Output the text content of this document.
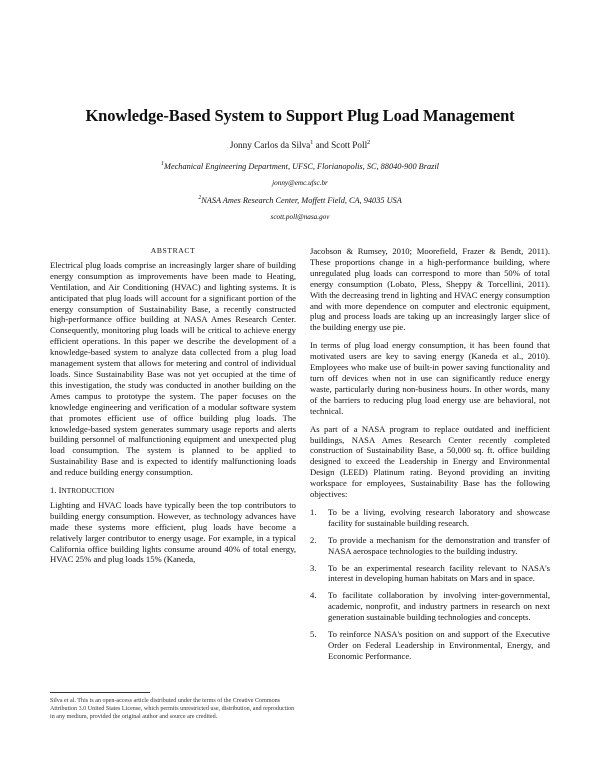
Knowledge-Based System to Support Plug Load Management
Jonny Carlos da Silva$^1$ and Scott Poll$^2$
$^1$Mechanical Engineering Department, UFSC, Florianopolis, SC, 88040-900 Brazil
jonny@emc.ufsc.br
$^2$NASA Ames Research Center, Moffett Field, CA, 94035 USA
scott.poll@nasa.gov
ABSTRACT

Electrical plug loads comprise an increasingly larger share of building energy consumption as improvements have been made to Heating, Ventilation, and Air Conditioning (HVAC) and lighting systems. It is anticipated that plug loads will account for a significant portion of the energy consumption of Sustainability Base, a recently constructed high-performance office building at NASA Ames Research Center. Consequently, monitoring plug loads will be critical to achieve energy efficient operations. In this paper we describe the development of a knowledge-based system to analyze data collected from a plug load management system that allows for metering and control of individual loads. Since Sustainability Base was not yet occupied at the time of this investigation, the study was conducted in another building on the Ames campus to prototype the system. The paper focuses on the knowledge engineering and verification of a modular software system that promotes efficient use of office building plug loads. The knowledge-based system generates summary usage reports and alerts building personnel of malfunctioning equipment and unexpected plug load consumption. The system is planned to be applied to Sustainability Base and is expected to identify malfunctioning loads and reduce building energy consumption.

1. INTRODUCTION

Lighting and HVAC loads have typically been the top contributors to building energy consumption. However, as technology advances have made these systems more efficient, plug loads have become a relatively larger contributor to energy usage. For example, in a typical California office building lights consume around 40% of total energy, HVAC 25% and plug loads 15% (Kaneda,

Jacobson & Rumsey, 2010; Moorefield, Frazer & Bendt, 2011). These proportions change in a high-performance building, where unregulated plug loads can correspond to more than 50% of total energy consumption (Lobato, Pless, Sheppy & Torcellini, 2011). With the decreasing trend in lighting and HVAC energy consumption and with more dependence on computer and electronic equipment, plug and process loads are taking up an increasingly larger slice of the building energy use pie.

In terms of plug load energy consumption, it has been found that motivated users are key to saving energy (Kaneda et al., 2010). Employees who make use of built-in power saving functionality and turn off devices when not in use can significantly reduce energy waste, particularly during non-business hours. In other words, many of the barriers to reducing plug load energy use are behavioral, not technical.

As part of a NASA program to replace outdated and inefficient buildings, NASA Ames Research Center recently completed construction of Sustainability Base, a 50,000 sq. ft. office building designed to exceed the Leadership in Energy and Environmental Design (LEED) Platinum rating. Beyond providing an inviting workspace for employees, Sustainability Base has the following objectives:

1.	To be a living, evolving research laboratory and showcase facility for sustainable building research.
2.	To provide a mechanism for the demonstration and transfer of NASA aerospace technologies to the building industry.
3.	To be an experimental research facility relevant to NASA's interest in developing human habitats on Mars and in space.
4.	To facilitate collaboration by involving inter-governmental, academic, nonprofit, and industry partners in research on next generation sustainable building technologies and concepts.
5.	To reinforce NASA's position on and support of the Executive Order on Federal Leadership in Environmental, Energy, and Economic Performance.
Silva et al. This is an open-access article distributed under the terms of the Creative Commons Attribution 3.0 United States License, which permits unrestricted use, distribution, and reproduction in any medium, provided the original author and source are credited.
